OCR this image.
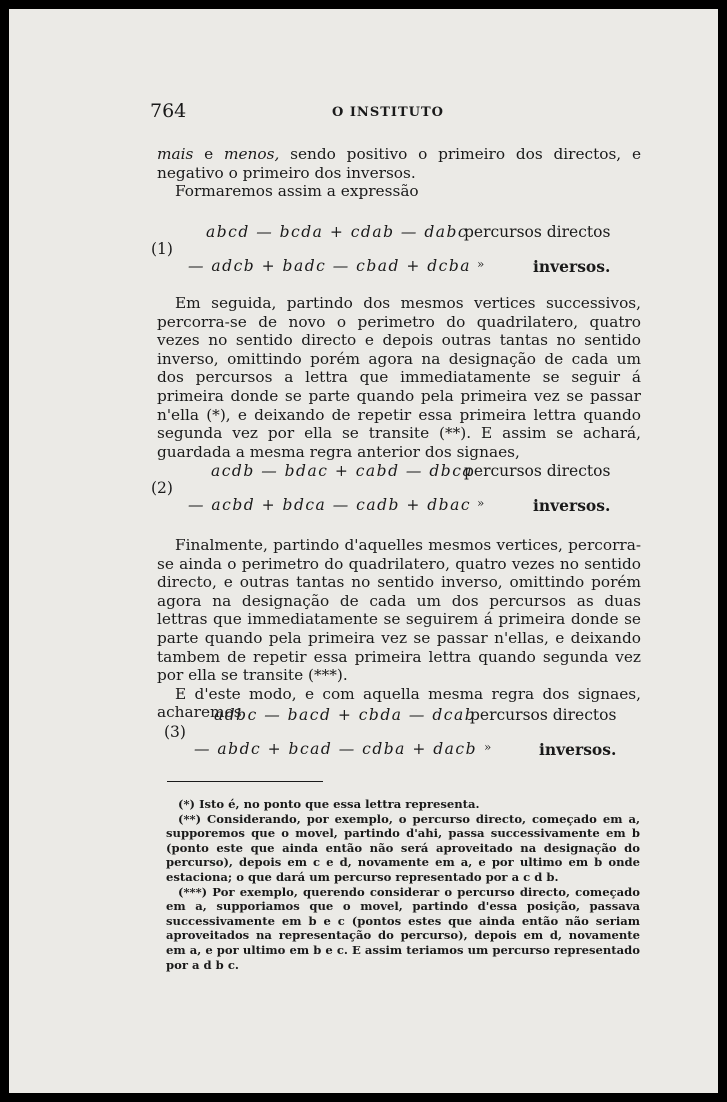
764	O INSTITUTO

mais e menos, sendo positivo o primeiro dos directos, e negativo o primeiro dos inversos.

Formaremos assim a expressão

(1)
abcd — bcda + cdab — dabc
— adcb + badc — cbad + dcba
percursos directos
»	inversos.

Em seguida, partindo dos mesmos vertices successivos, percorra-se de novo o perimetro do quadrilatero, quatro vezes no sentido directo e depois outras tantas no sentido inverso, omittindo porém agora na designação de cada um dos percursos a lettra que immediatamente se seguir á primeira donde se parte quando pela primeira vez se passar n'ella (*), e deixando de repetir essa primeira lettra quando segunda vez por ella se transite (**). E assim se achará, guardada a mesma regra anterior dos signaes,

(2)
acdb — bdac + cabd — dbca
— acbd + bdca — cadb + dbac
percursos directos
»	inversos.

Finalmente, partindo d'aquelles mesmos vertices, percorra-se ainda o perimetro do quadrilatero, quatro vezes no sentido directo, e outras tantas no sentido inverso, omittindo porém agora na designação de cada um dos percursos as duas lettras que immediatamente se seguirem á primeira donde se parte quando pela primeira vez se passar n'ellas, e deixando tambem de repetir essa primeira lettra quando segunda vez por ella se transite (***).

E d'este modo, e com aquella mesma regra dos signaes, acharemos

(3)
adbc — bacd + cbda — dcab
— abdc + bcad — cdba + dacb
percursos directos
»	inversos.

(*) Isto é, no ponto que essa lettra representa.

(**) Considerando, por exemplo, o percurso directo, começado em a, supporemos que o movel, partindo d'ahi, passa successivamente em b (ponto este que ainda então não será aproveitado na designação do percurso), depois em c e d, novamente em a, e por ultimo em b onde estaciona; o que dará um percurso representado por a c d b.

(***) Por exemplo, querendo considerar o percurso directo, começado em a, supporiamos que o movel, partindo d'essa posição, passava successivamente em b e c (pontos estes que ainda então não seriam aproveitados na representação do percurso), depois em d, novamente em a, e por ultimo em b e c. E assim teriamos um percurso representado por a d b c.
